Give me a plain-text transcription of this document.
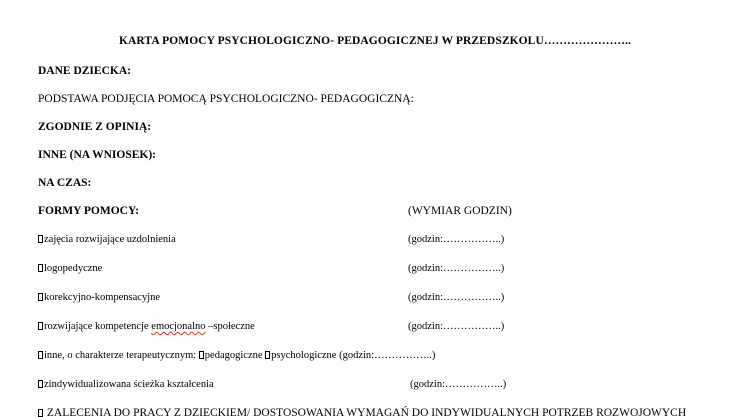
KARTA POMOCY PSYCHOLOGICZNO- PEDAGOGICZNEJ W PRZEDSZKOLU…………………..
DANE DZIECKA:
PODSTAWA PODJĘCIA POMOCĄ PSYCHOLOGICZNO- PEDAGOGICZNĄ:
ZGODNIE Z OPINIĄ:
INNE (NA WNIOSEK):
NA CZAS:
FORMY POMOCY:	(WYMIAR GODZIN)
zajęcia rozwijające uzdolnienia	(godzin:……………..)
logopedyczne	(godzin:……………..)
korekcyjno-kompensacyjne	(godzin:……………..)
rozwijające kompetencje emocjonalno –społeczne	(godzin:……………..)
inne, o charakterze terapeutycznym: pedagogiczne psychologiczne (godzin:……………..)
zindywidualizowana ścieżka kształcenia	(godzin:……………..)
ZALECENIA DO PRACY Z DZIECKIEM/ DOSTOSOWANIA WYMAGAŃ DO INDYWIDUALNYCH POTRZEB ROZWOJOWYCH
